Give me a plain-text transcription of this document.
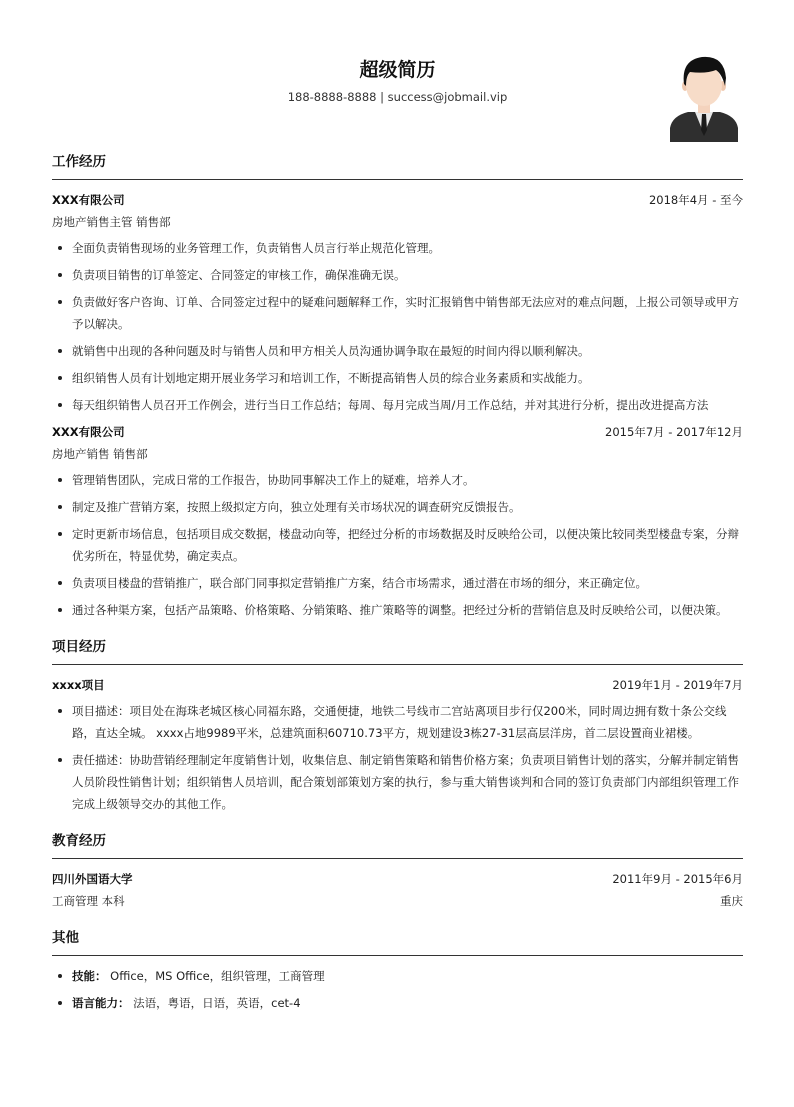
超级简历
188-8888-8888 | success@jobmail.vip
工作经历
XXX有限公司	2018年4月 - 至今
房地产销售主管 销售部
全面负责销售现场的业务管理工作，负责销售人员言行举止规范化管理。
负责项目销售的订单签定、合同签定的审核工作，确保准确无误。
负责做好客户咨询、订单、合同签定过程中的疑难问题解释工作，实时汇报销售中销售部无法应对的难点问题，上报公司领导或甲方予以解决。
就销售中出现的各种问题及时与销售人员和甲方相关人员沟通协调争取在最短的时间内得以顺利解决。
组织销售人员有计划地定期开展业务学习和培训工作，不断提高销售人员的综合业务素质和实战能力。
每天组织销售人员召开工作例会，进行当日工作总结；每周、每月完成当周/月工作总结，并对其进行分析，提出改进提高方法
XXX有限公司	2015年7月 - 2017年12月
房地产销售 销售部
管理销售团队，完成日常的工作报告，协助同事解决工作上的疑难，培养人才。
制定及推广营销方案，按照上级拟定方向，独立处理有关市场状况的调查研究反馈报告。
定时更新市场信息，包括项目成交数据，楼盘动向等，把经过分析的市场数据及时反映给公司，以便决策比较同类型楼盘专案，分辩优劣所在，特显优势，确定卖点。
负责项目楼盘的营销推广，联合部门同事拟定营销推广方案，结合市场需求，通过潜在市场的细分，来正确定位。
通过各种渠方案，包括产品策略、价格策略、分销策略、推广策略等的调整。把经过分析的营销信息及时反映给公司，以便决策。
项目经历
xxxx项目	2019年1月 - 2019年7月
项目描述：项目处在海珠老城区核心同福东路，交通便捷，地铁二号线市二宫站离项目步行仅200米，同时周边拥有数十条公交线路，直达全城。 xxxx占地9989平米，总建筑面积60710.73平方，规划建设3栋27-31层高层洋房，首二层设置商业裙楼。
责任描述：协助营销经理制定年度销售计划，收集信息、制定销售策略和销售价格方案；负责项目销售计划的落实，分解并制定销售人员阶段性销售计划；组织销售人员培训，配合策划部策划方案的执行，参与重大销售谈判和合同的签订负责部门内部组织管理工作完成上级领导交办的其他工作。
教育经历
四川外国语大学	2011年9月 - 2015年6月
工商管理 本科	重庆
其他
技能： Office，MS Office，组织管理，工商管理
语言能力： 法语，粤语，日语，英语，cet-4
